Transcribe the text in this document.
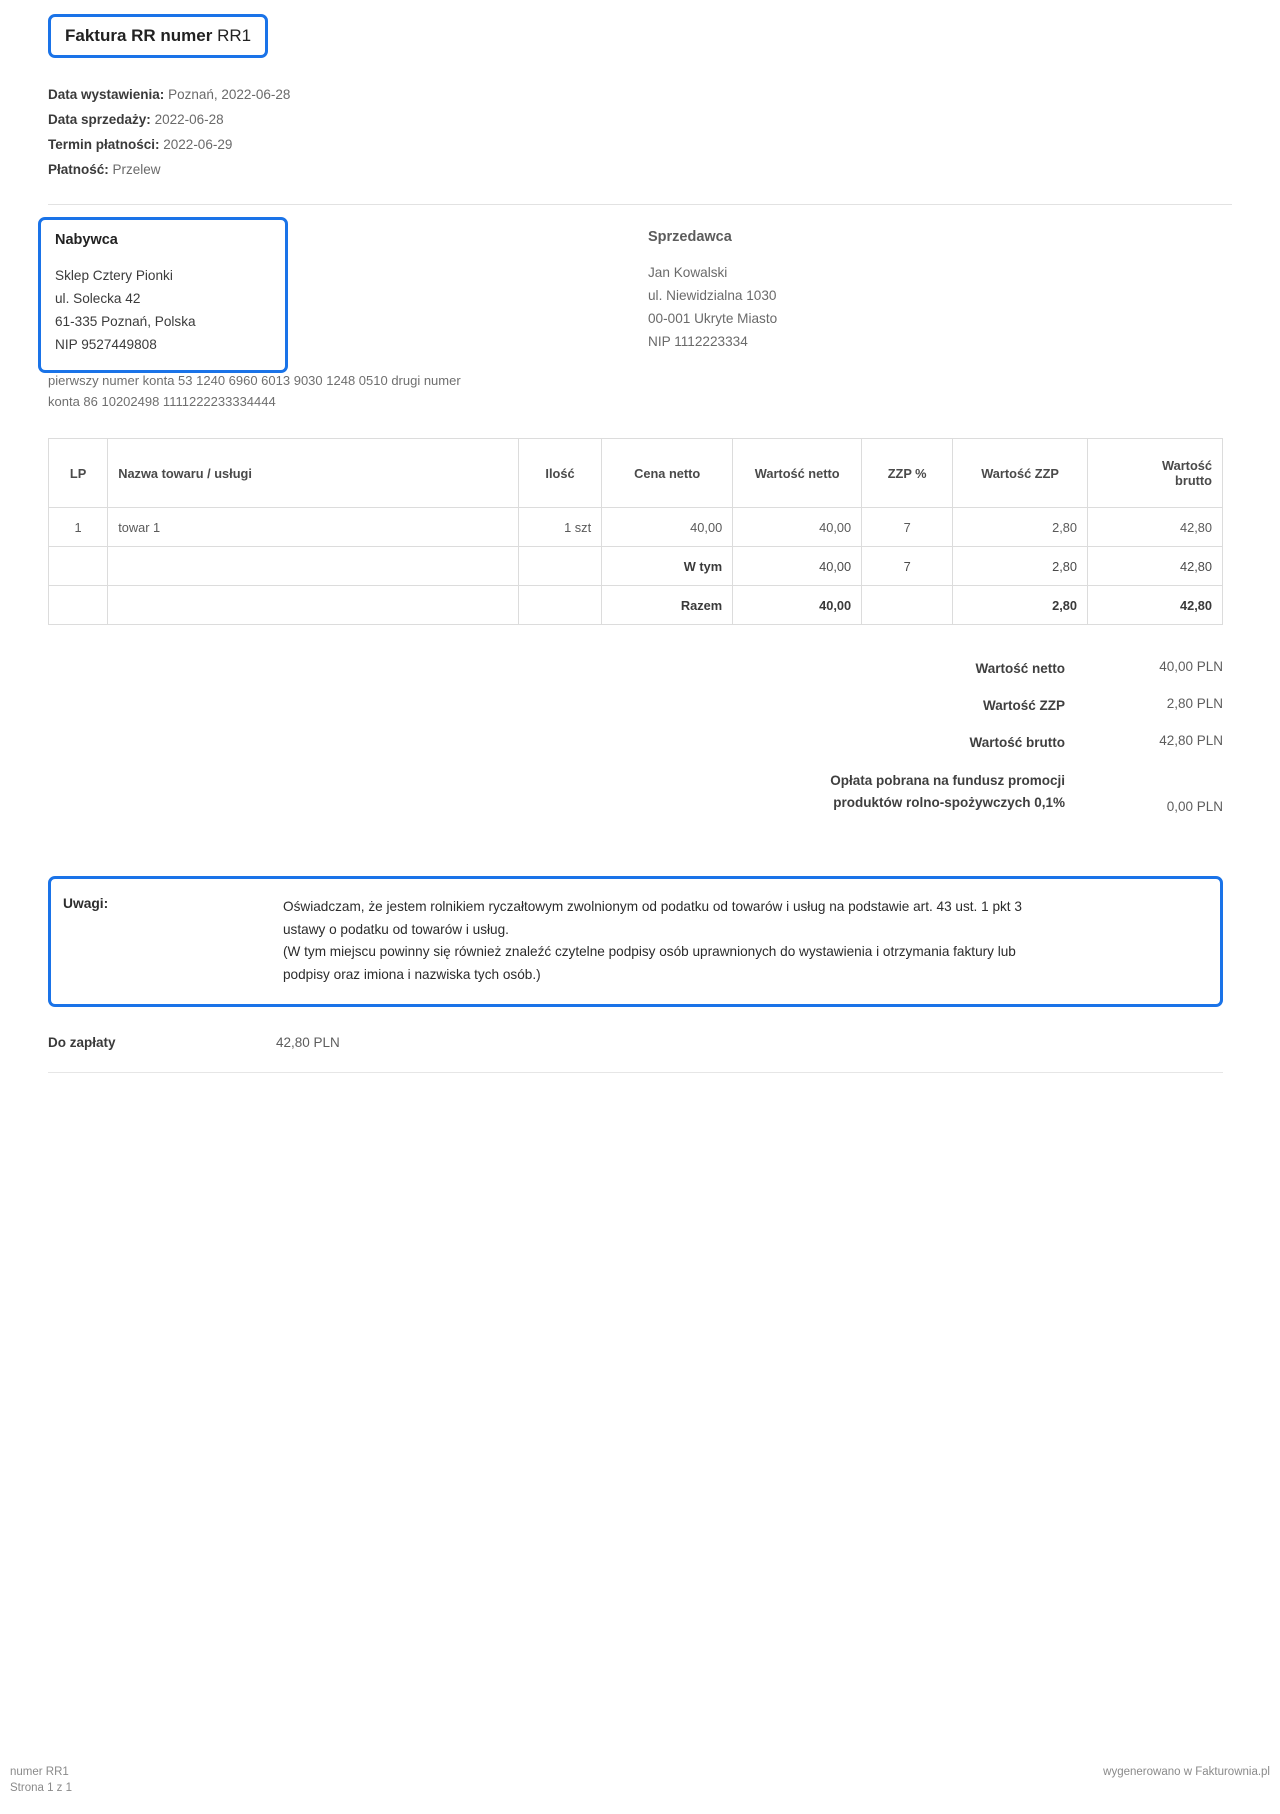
Faktura RR numer RR1
Data wystawienia: Poznań, 2022-06-28
Data sprzedaży: 2022-06-28
Termin płatności: 2022-06-29
Płatność: Przelew
Nabywca
Sklep Cztery Pionki
ul. Solecka 42
61-335 Poznań, Polska
NIP 9527449808
Sprzedawca
Jan Kowalski
ul. Niewidzialna 1030
00-001 Ukryte Miasto
NIP 1112223334
pierwszy numer konta 53 1240 6960 6013 9030 1248 0510 drugi numer
konta 86 10202498 1111222233334444
LP	Nazwa towaru / usługi	Ilość	Cena netto	Wartość netto	ZZP %	Wartość ZZP	Wartość
brutto
1	towar 1	1 szt	40,00	40,00	7	2,80	42,80
			W tym	40,00	7	2,80	42,80
			Razem	40,00		2,80	42,80
Wartość netto	40,00 PLN
Wartość ZZP	2,80 PLN
Wartość brutto	42,80 PLN
Opłata pobrana na fundusz promocji
produktów rolno-spożywczych 0,1%	0,00 PLN
Uwagi:	Oświadczam, że jestem rolnikiem ryczałtowym zwolnionym od podatku od towarów i usług na podstawie art. 43 ust. 1 pkt 3
ustawy o podatku od towarów i usług.
(W tym miejscu powinny się również znaleźć czytelne podpisy osób uprawnionych do wystawienia i otrzymania faktury lub
podpisy oraz imiona i nazwiska tych osób.)
Do zapłaty	42,80 PLN
numer RR1
Strona 1 z 1
wygenerowano w Fakturownia.pl
